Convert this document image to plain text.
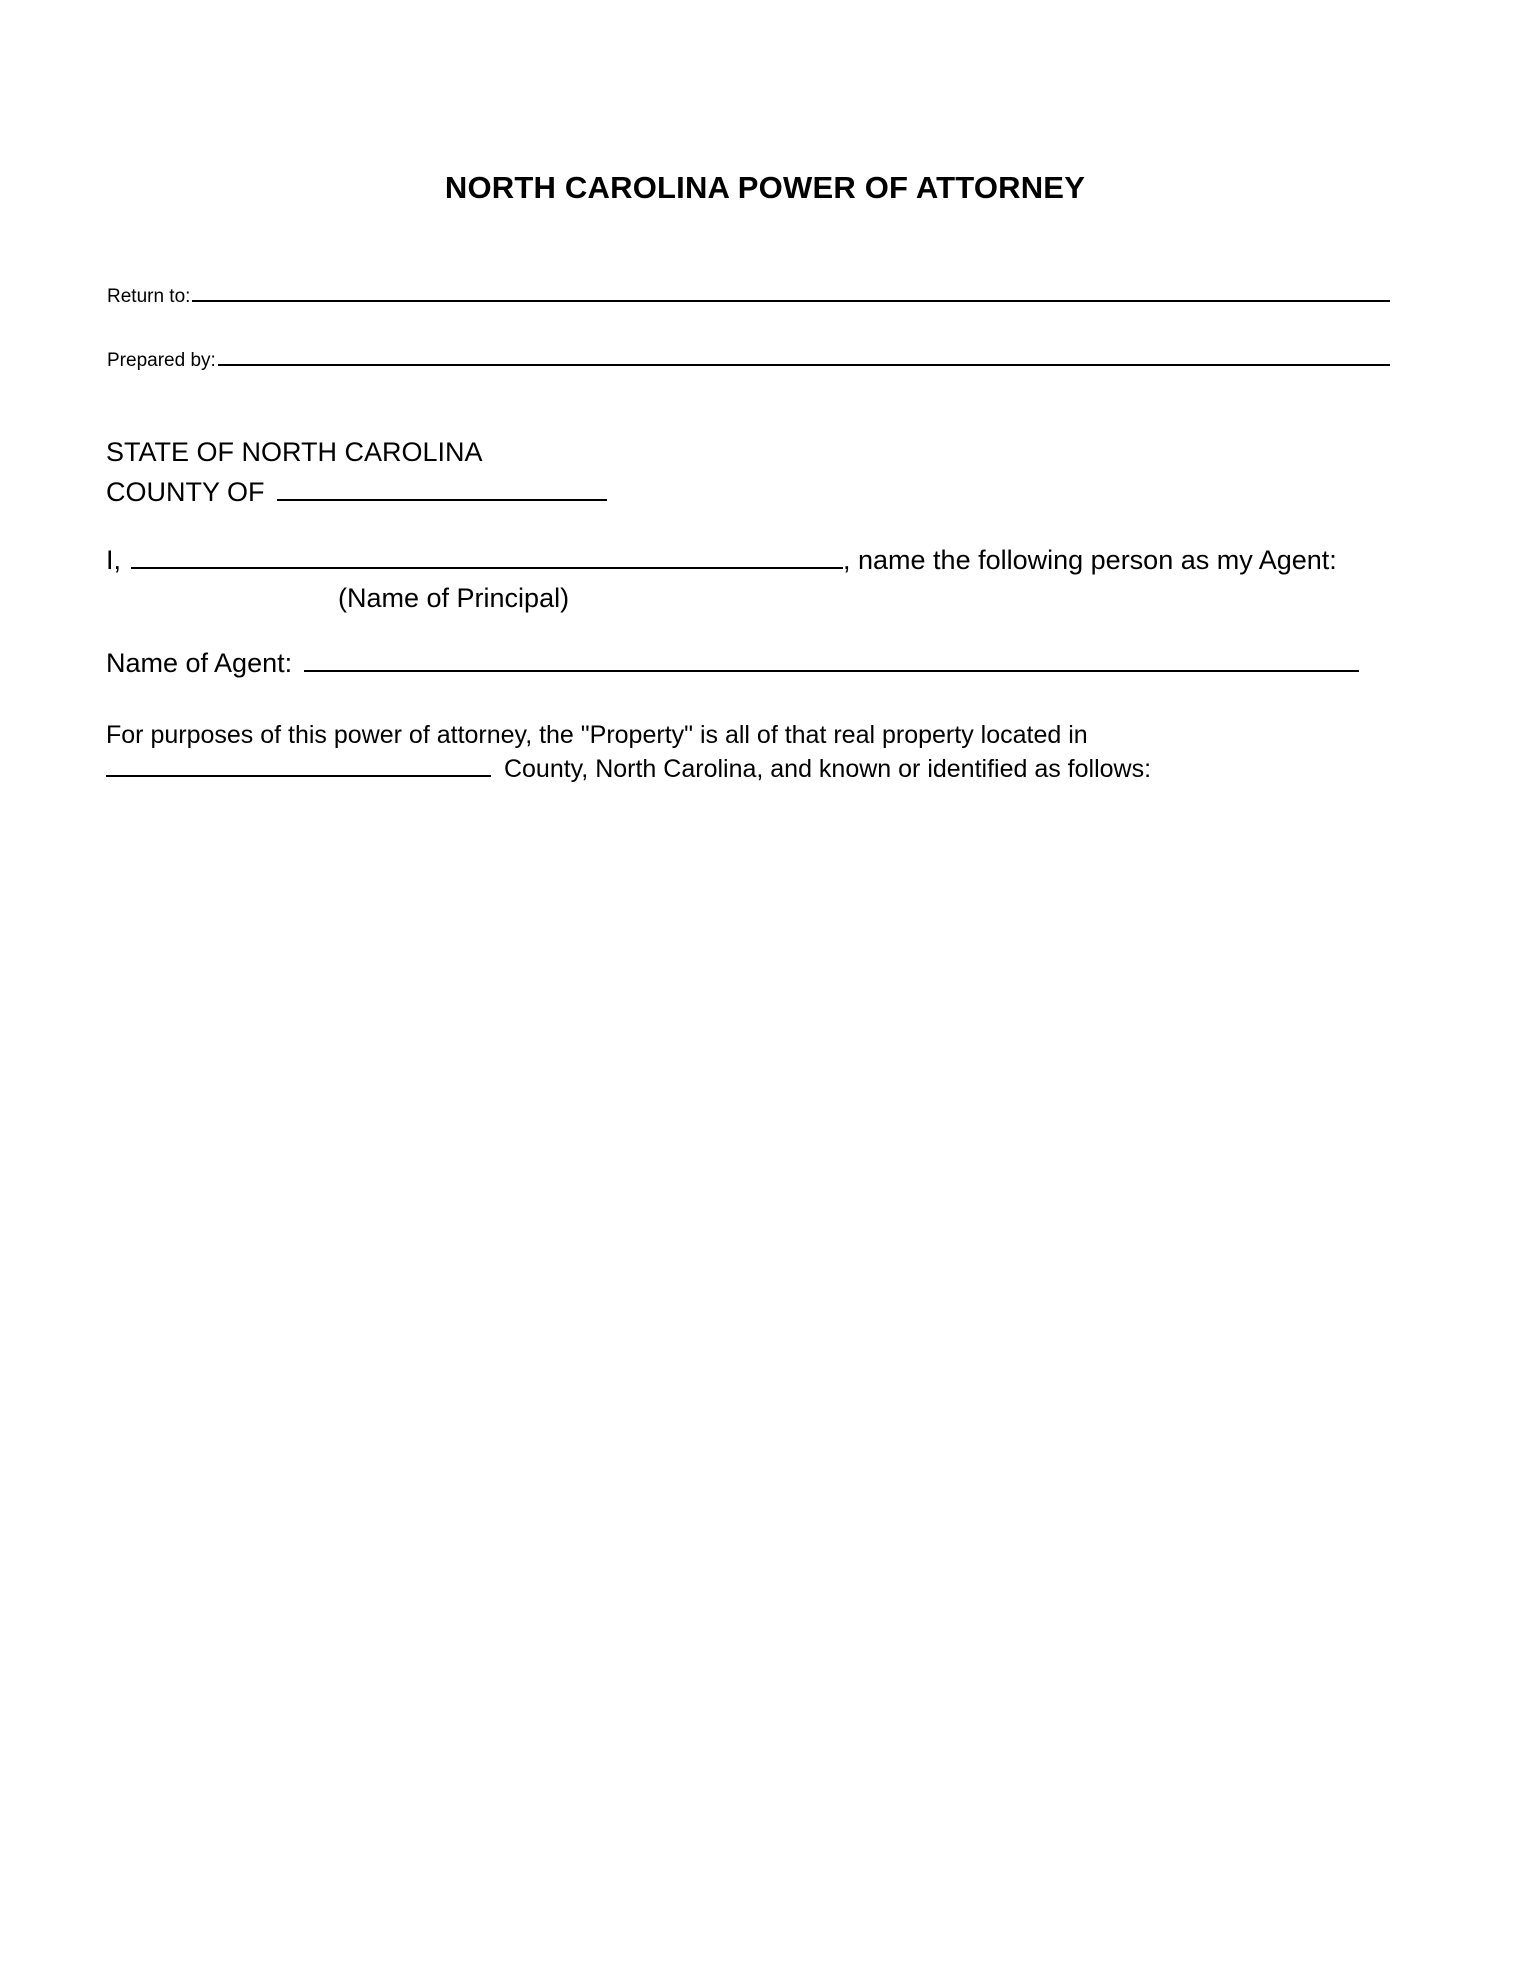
NORTH CAROLINA POWER OF ATTORNEY
Return to:
Prepared by:
STATE OF NORTH CAROLINA
COUNTY OF
I,	, name the following person as my Agent:
(Name of Principal)
Name of Agent:
For purposes of this power of attorney, the "Property" is all of that real property located in
County, North Carolina, and known or identified as follows:
